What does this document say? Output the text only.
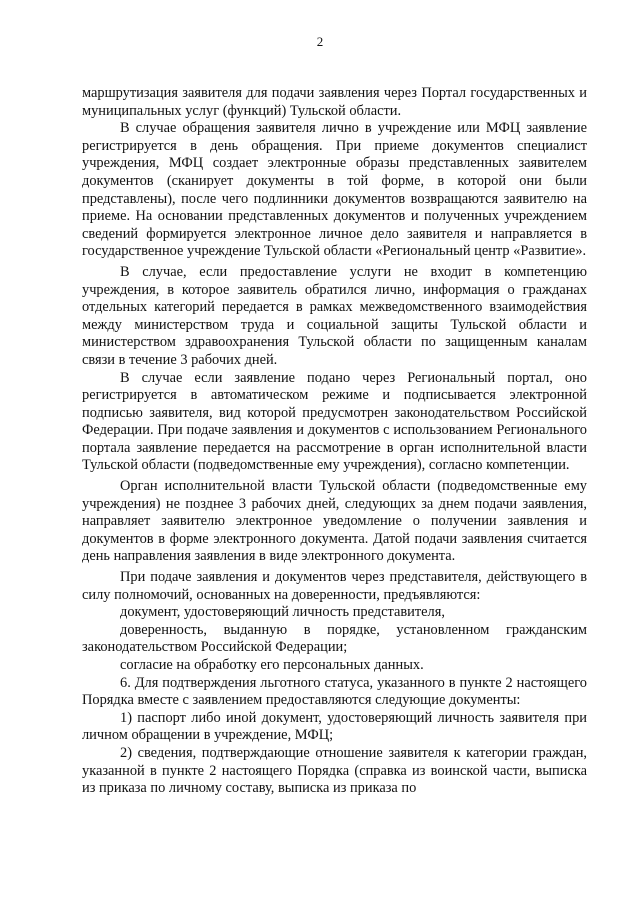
2

маршрутизация заявителя для подачи заявления через Портал государственных и муниципальных услуг (функций) Тульской области.

В случае обращения заявителя лично в учреждение или МФЦ заявление регистрируется в день обращения. При приеме документов специалист учреждения, МФЦ создает электронные образы представленных заявителем документов (сканирует документы в той форме, в которой они были представлены), после чего подлинники документов возвращаются заявителю на приеме. На основании представленных документов и полученных учреждением сведений формируется электронное личное дело заявителя и направляется в государственное учреждение Тульской области «Региональный центр «Развитие».

В случае, если предоставление услуги не входит в компетенцию учреждения, в которое заявитель обратился лично, информация о гражданах отдельных категорий передается в рамках межведомственного взаимодействия между министерством труда и социальной защиты Тульской области и министерством здравоохранения Тульской области по защищенным каналам связи в течение 3 рабочих дней.

В случае если заявление подано через Региональный портал, оно регистрируется в автоматическом режиме и подписывается электронной подписью заявителя, вид которой предусмотрен законодательством Российской Федерации. При подаче заявления и документов с использованием Регионального портала заявление передается на рассмотрение в орган исполнительной власти Тульской области (подведомственные ему учреждения), согласно компетенции.

Орган исполнительной власти Тульской области (подведомственные ему учреждения) не позднее 3 рабочих дней, следующих за днем подачи заявления, направляет заявителю электронное уведомление о получении заявления и документов в форме электронного документа. Датой подачи заявления считается день направления заявления в виде электронного документа.

При подаче заявления и документов через представителя, действующего в силу полномочий, основанных на доверенности, предъявляются:

документ, удостоверяющий личность представителя,

доверенность, выданную в порядке, установленном гражданским законодательством Российской Федерации;

согласие на обработку его персональных данных.

6. Для подтверждения льготного статуса, указанного в пункте 2 настоящего Порядка вместе с заявлением предоставляются следующие документы:

1) паспорт либо иной документ, удостоверяющий личность заявителя при личном обращении в учреждение, МФЦ;

2) сведения, подтверждающие отношение заявителя к категории граждан, указанной в пункте 2 настоящего Порядка (справка из воинской части, выписка из приказа по личному составу, выписка из приказа по
